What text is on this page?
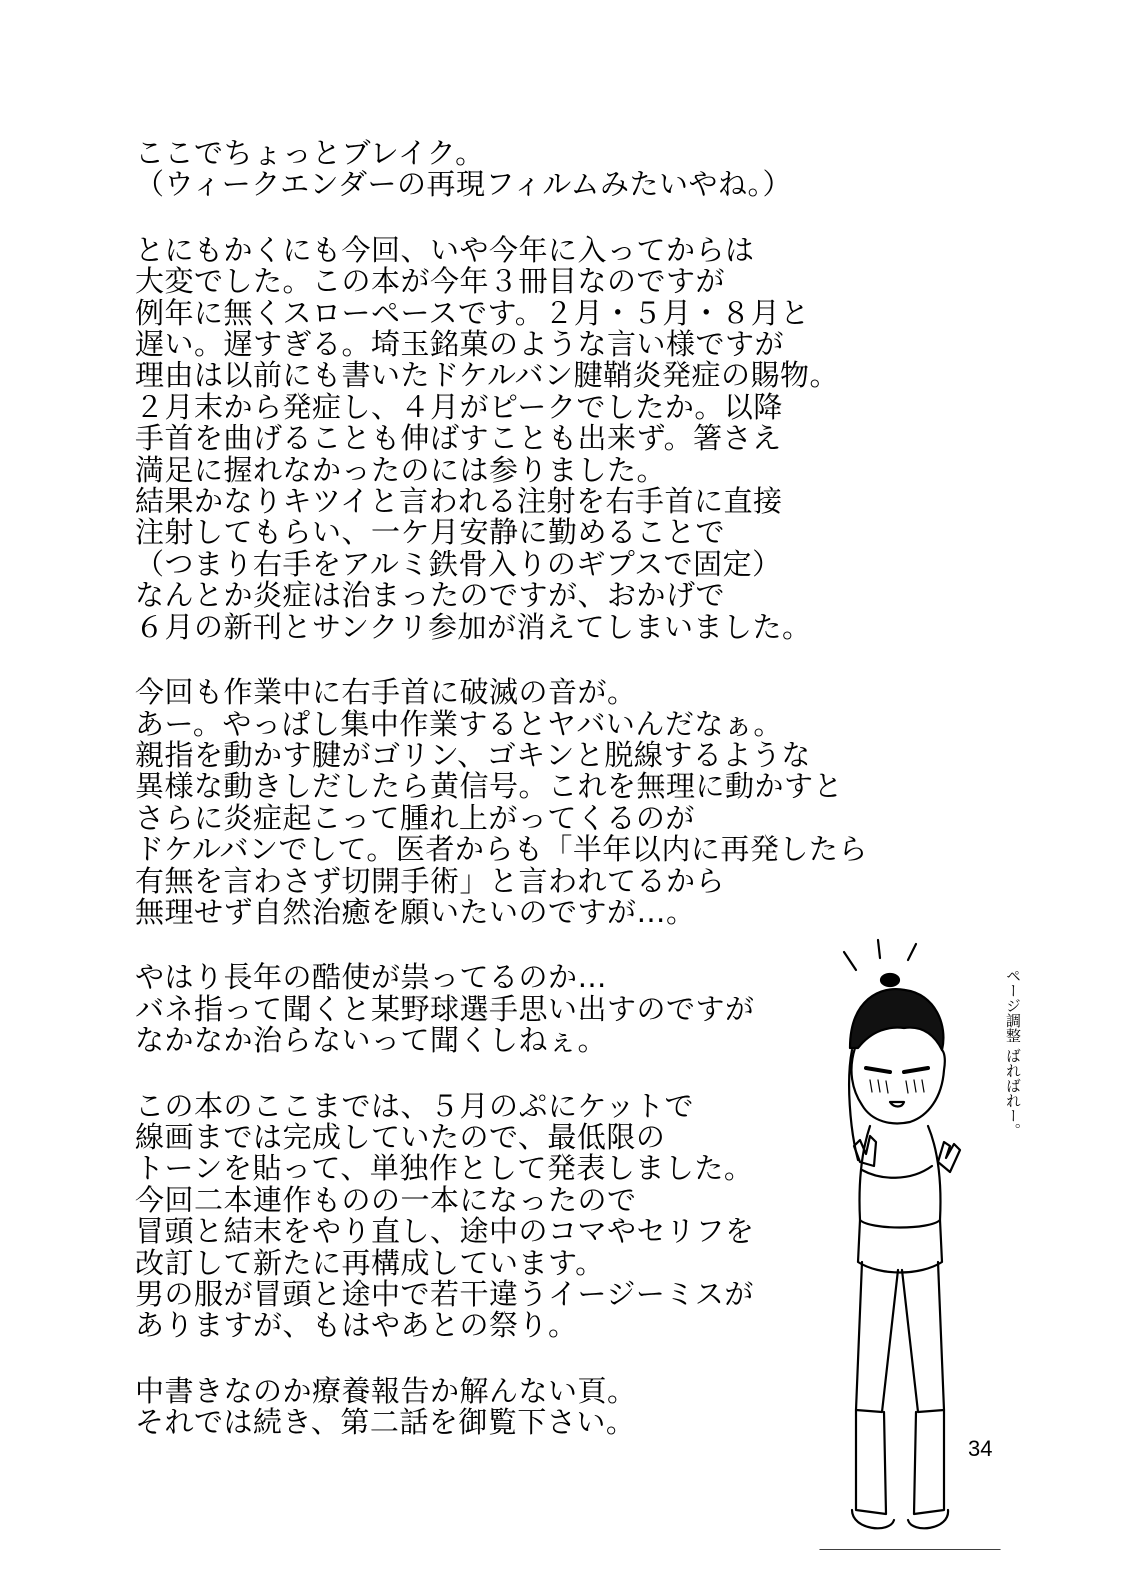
ここでちょっとブレイク。
（ウィークエンダーの再現フィルムみたいやね。）
とにもかくにも今回、いや今年に入ってからは
大変でした。この本が今年３冊目なのですが
例年に無くスローペースです。２月・５月・８月と
遅い。遅すぎる。埼玉銘菓のような言い様ですが
理由は以前にも書いたドケルバン腱鞘炎発症の賜物。
２月末から発症し、４月がピークでしたか。以降
手首を曲げることも伸ばすことも出来ず。箸さえ
満足に握れなかったのには参りました。
結果かなりキツイと言われる注射を右手首に直接
注射してもらい、一ケ月安静に勤めることで
（つまり右手をアルミ鉄骨入りのギプスで固定）
なんとか炎症は治まったのですが、おかげで
６月の新刊とサンクリ参加が消えてしまいました。
今回も作業中に右手首に破滅の音が。
あー。やっぱし集中作業するとヤバいんだなぁ。
親指を動かす腱がゴリン、ゴキンと脱線するような
異様な動きしだしたら黄信号。これを無理に動かすと
さらに炎症起こって腫れ上がってくるのが
ドケルバンでして。医者からも「半年以内に再発したら
有無を言わさず切開手術」と言われてるから
無理せず自然治癒を願いたいのですが…。
やはり長年の酷使が祟ってるのか…
バネ指って聞くと某野球選手思い出すのですが
なかなか治らないって聞くしねぇ。
この本のここまでは、５月のぷにケットで
線画までは完成していたので、最低限の
トーンを貼って、単独作として発表しました。
今回二本連作ものの一本になったので
冒頭と結末をやり直し、途中のコマやセリフを
改訂して新たに再構成しています。
男の服が冒頭と途中で若干違うイージーミスが
ありますが、もはやあとの祭り。
中書きなのか療養報告か解んない頁。
それでは続き、第二話を御覧下さい。
ページ調整 ばればれー。
34
